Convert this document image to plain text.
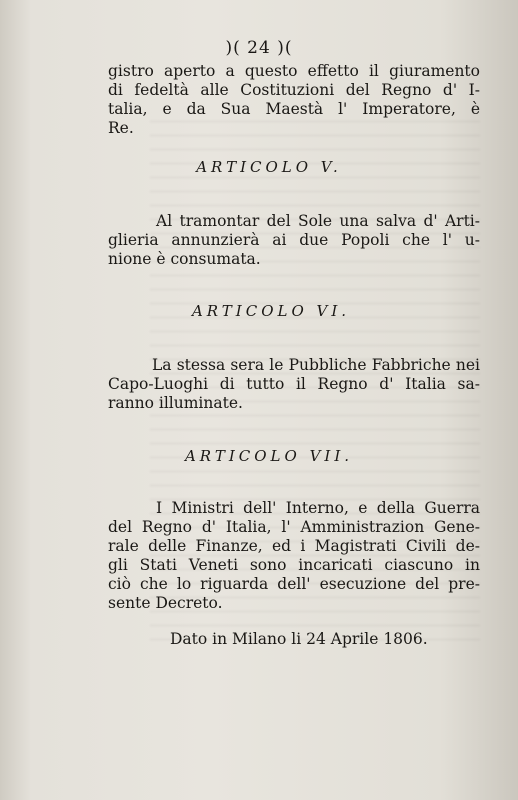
)( 24 )(
gistro aperto a questo effetto il giuramento
di fedeltà alle Costituzioni del Regno d' I-
talia, e da Sua Maestà l' Imperatore, è
Re.
ARTICOLO V.
Al tramontar del Sole una salva d' Arti-
glieria annunzierà ai due Popoli che l' u-
nione è consumata.
ARTICOLO VI.
La stessa sera le Pubbliche Fabbriche nei
Capo-Luoghi di tutto il Regno d' Italia sa-
ranno illuminate.
ARTICOLO VII.
I Ministri dell' Interno, e della Guerra
del Regno d' Italia, l' Amministrazion Gene-
rale delle Finanze, ed i Magistrati Civili de-
gli Stati Veneti sono incaricati ciascuno in
ciò che lo riguarda dell' esecuzione del pre-
sente Decreto.
Dato in Milano li 24 Aprile 1806.
